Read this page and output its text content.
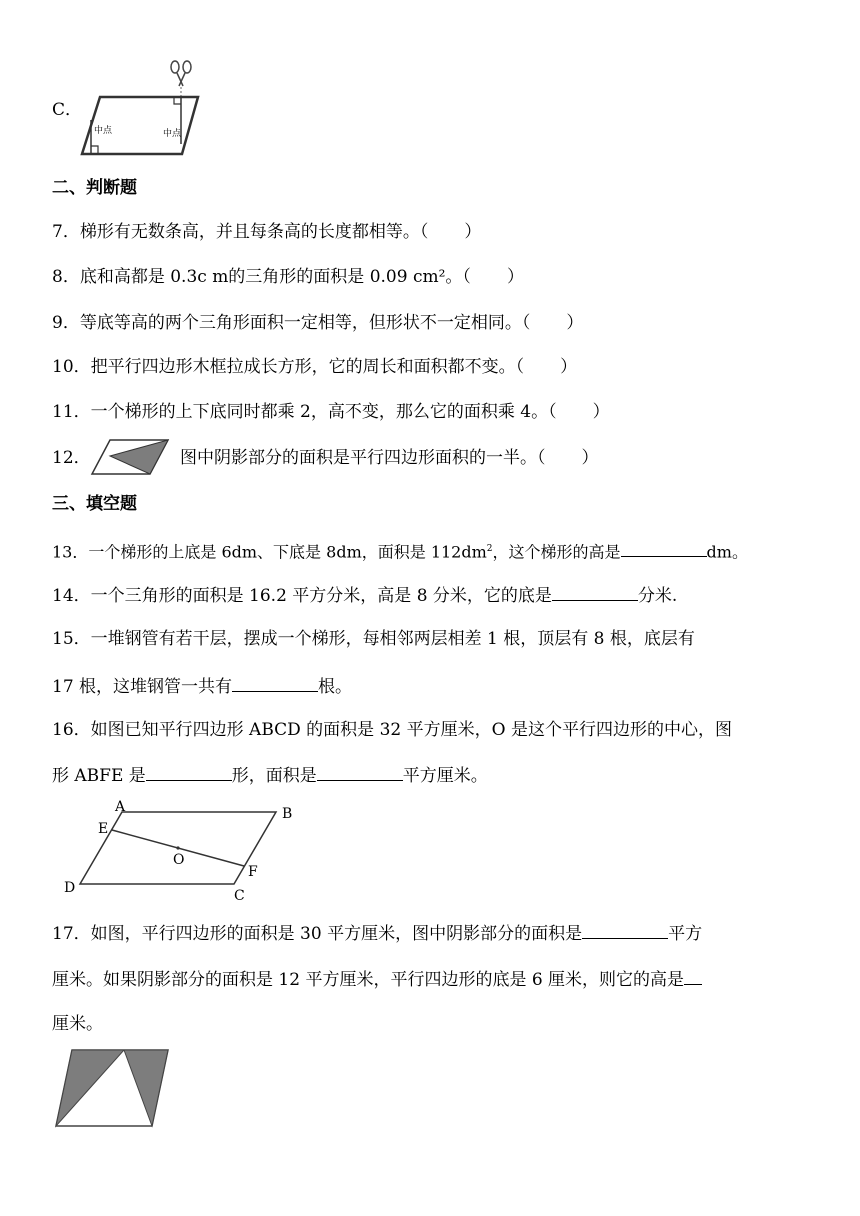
C．
中点	中点
二、判断题
7．梯形有无数条高，并且每条高的长度都相等。（ ）
8．底和高都是 0.3c m的三角形的面积是 0.09 cm²。（ ）
9．等底等高的两个三角形面积一定相等，但形状不一定相同。（ ）
10．把平行四边形木框拉成长方形，它的周长和面积都不变。（ ）
11．一个梯形的上下底同时都乘 2，高不变，那么它的面积乘 4。（ ）
12．	图中阴影部分的面积是平行四边形面积的一半。（ ）
三、填空题
13．一个梯形的上底是 6dm、下底是 8dm，面积是 $112dm^2$，这个梯形的高是	dm。
14．一个三角形的面积是 16.2 平方分米，高是 8 分米，它的底是	分米.
15．一堆钢管有若干层，摆成一个梯形，每相邻两层相差 1 根，顶层有 8 根，底层有
17 根，这堆钢管一共有	根。
16．如图已知平行四边形 ABCD 的面积是 32 平方厘米，O 是这个平行四边形的中心，图
形 ABFE 是	形，面积是	平方厘米。
A	B
E
O
F
D	C
17．如图，平行四边形的面积是 30 平方厘米，图中阴影部分的面积是	平方
厘米。如果阴影部分的面积是 12 平方厘米，平行四边形的底是 6 厘米，则它的高是
厘米。
